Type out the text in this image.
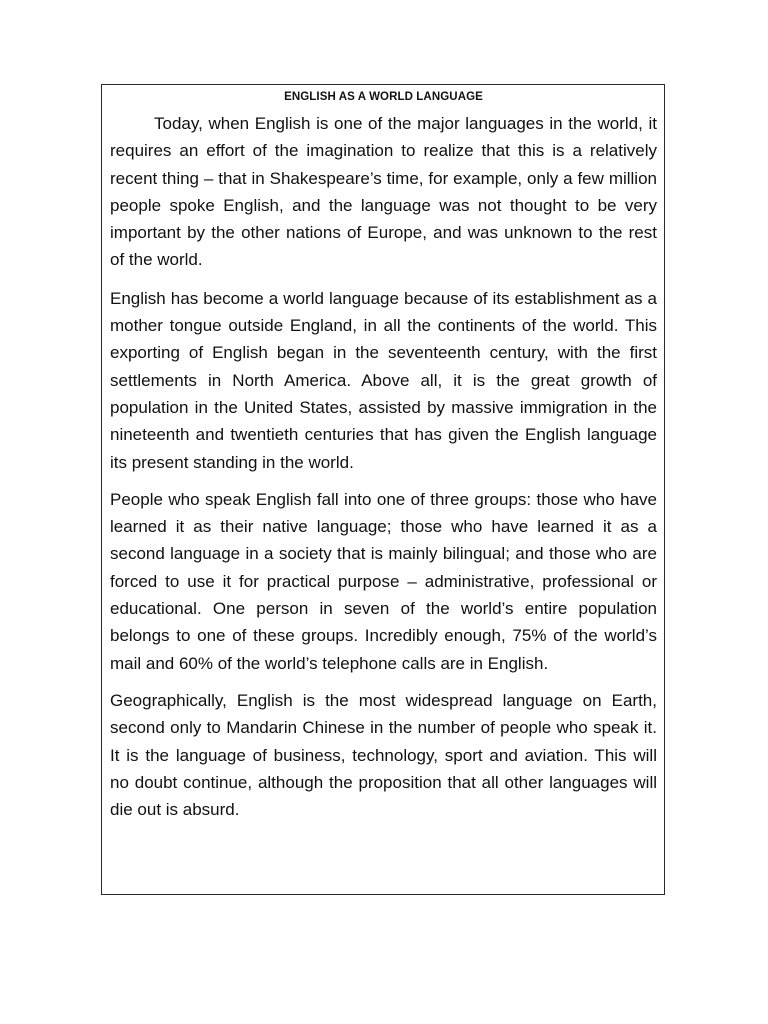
ENGLISH AS A WORLD LANGUAGE

Today, when English is one of the major languages in the world, it requires an effort of the imagination to realize that this is a relatively recent thing – that in Shakespeare’s time, for example, only a few million people spoke English, and the language was not thought to be very important by the other nations of Europe, and was unknown to the rest of the world.

English has become a world language because of its establishment as a mother tongue outside England, in all the continents of the world. This exporting of English began in the seventeenth century, with the first settlements in North America. Above all, it is the great growth of population in the United States, assisted by massive immigration in the nineteenth and twentieth centuries that has given the English language its present standing in the world.

People who speak English fall into one of three groups: those who have learned it as their native language; those who have learned it as a second language in a society that is mainly bilingual; and those who are forced to use it for practical purpose – administrative, professional or educational. One person in seven of the world’s entire population belongs to one of these groups. Incredibly enough, 75% of the world’s mail and 60% of the world’s telephone calls are in English.

Geographically, English is the most widespread language on Earth, second only to Mandarin Chinese in the number of people who speak it. It is the language of business, technology, sport and aviation. This will no doubt continue, although the proposition that all other languages will die out is absurd.
